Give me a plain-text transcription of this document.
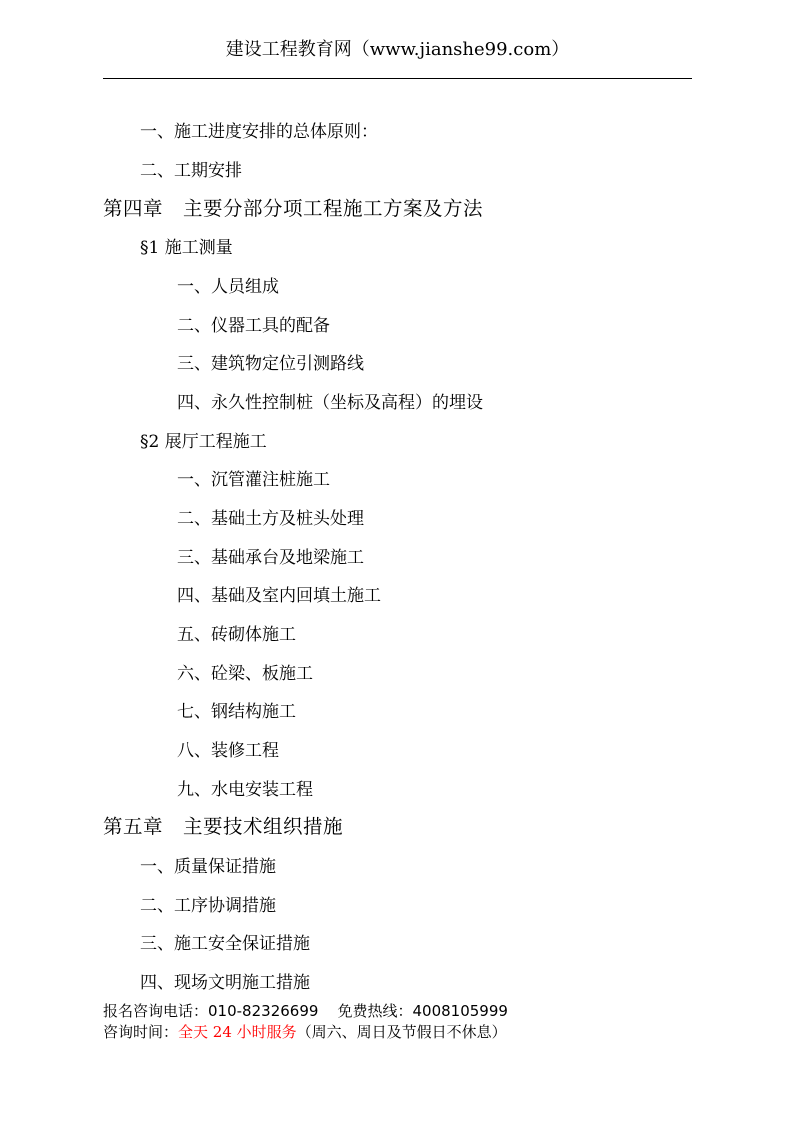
建设工程教育网（www.jianshe99.com）
一、施工进度安排的总体原则：
二、工期安排
第四章　主要分部分项工程施工方案及方法
§1 施工测量
一、人员组成
二、仪器工具的配备
三、建筑物定位引测路线
四、永久性控制桩（坐标及高程）的埋设
§2 展厅工程施工
一、沉管灌注桩施工
二、基础土方及桩头处理
三、基础承台及地梁施工
四、基础及室内回填土施工
五、砖砌体施工
六、砼梁、板施工
七、钢结构施工
八、装修工程
九、水电安装工程
第五章　主要技术组织措施
一、质量保证措施
二、工序协调措施
三、施工安全保证措施
四、现场文明施工措施
报名咨询电话：010-82326699 免费热线：4008105999
咨询时间：全天 24 小时服务（周六、周日及节假日不休息）
